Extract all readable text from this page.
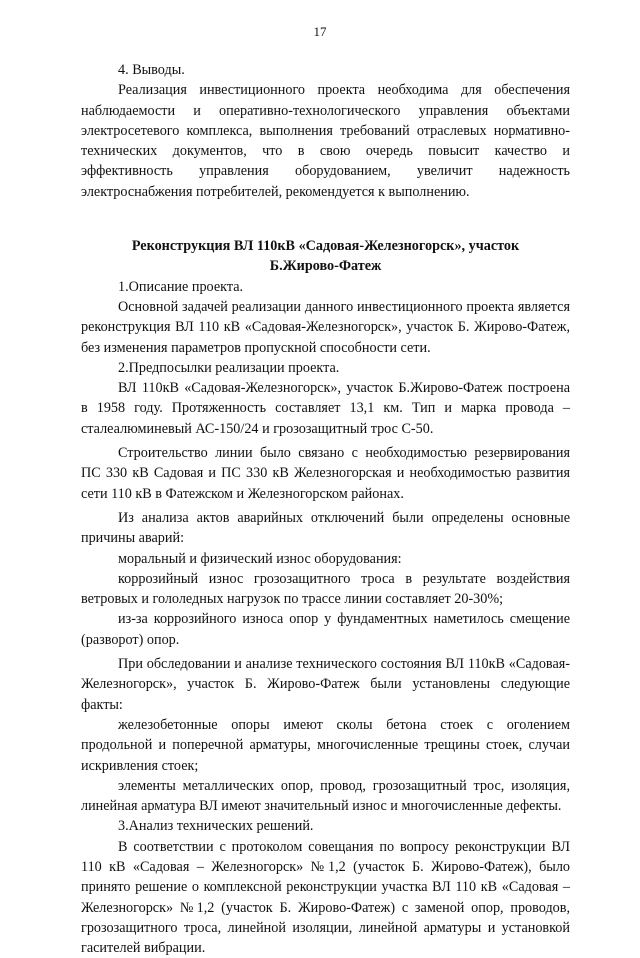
17

4. Выводы.

Реализация инвестиционного проекта необходима для обеспечения наблюдаемости и оперативно-технологического управления объектами электросетевого комплекса, выполнения требований отраслевых нормативно-технических документов, что в свою очередь повысит качество и эффективность управления оборудованием, увеличит надежность электроснабжения потребителей, рекомендуется к выполнению.

Реконструкция ВЛ 110кВ «Садовая-Железногорск», участок
Б.Жирово-Фатеж

1.Описание проекта.

Основной задачей реализации данного инвестиционного проекта является реконструкция ВЛ 110 кВ «Садовая-Железногорск», участок Б. Жирово-Фатеж, без изменения параметров пропускной способности сети.

2.Предпосылки реализации проекта.

ВЛ 110кВ «Садовая-Железногорск», участок Б.Жирово-Фатеж построена в 1958 году. Протяженность составляет 13,1 км. Тип и марка провода – сталеалюминевый АС-150/24 и грозозащитный трос С-50.

Строительство линии было связано с необходимостью резервирования ПС 330 кВ Садовая и ПС 330 кВ Железногорская и необходимостью развития сети 110 кВ в Фатежском и Железногорском районах.

Из анализа актов аварийных отключений были определены основные причины аварий:

моральный и физический износ оборудования:

коррозийный износ грозозащитного троса в результате воздействия ветровых и гололедных нагрузок по трассе линии составляет 20-30%;

из-за коррозийного износа опор у фундаментных наметилось смещение (разворот) опор.

При обследовании и анализе технического состояния ВЛ 110кВ «Садовая-Железногорск», участок Б. Жирово-Фатеж были установлены следующие факты:

железобетонные опоры имеют сколы бетона стоек с оголением продольной и поперечной арматуры, многочисленные трещины стоек, случаи искривления стоек;

элементы металлических опор, провод, грозозащитный трос, изоляция, линейная арматура ВЛ имеют значительный износ и многочисленные дефекты.

3.Анализ технических решений.

В соответствии с протоколом совещания по вопросу реконструкции ВЛ 110 кВ «Садовая – Железногорск» №1,2 (участок Б. Жирово-Фатеж), было принято решение о комплексной реконструкции участка ВЛ 110 кВ «Садовая – Железногорск» №1,2 (участок Б. Жирово-Фатеж) с заменой опор, проводов, грозозащитного троса, линейной изоляции, линейной арматуры и установкой гасителей вибрации.
